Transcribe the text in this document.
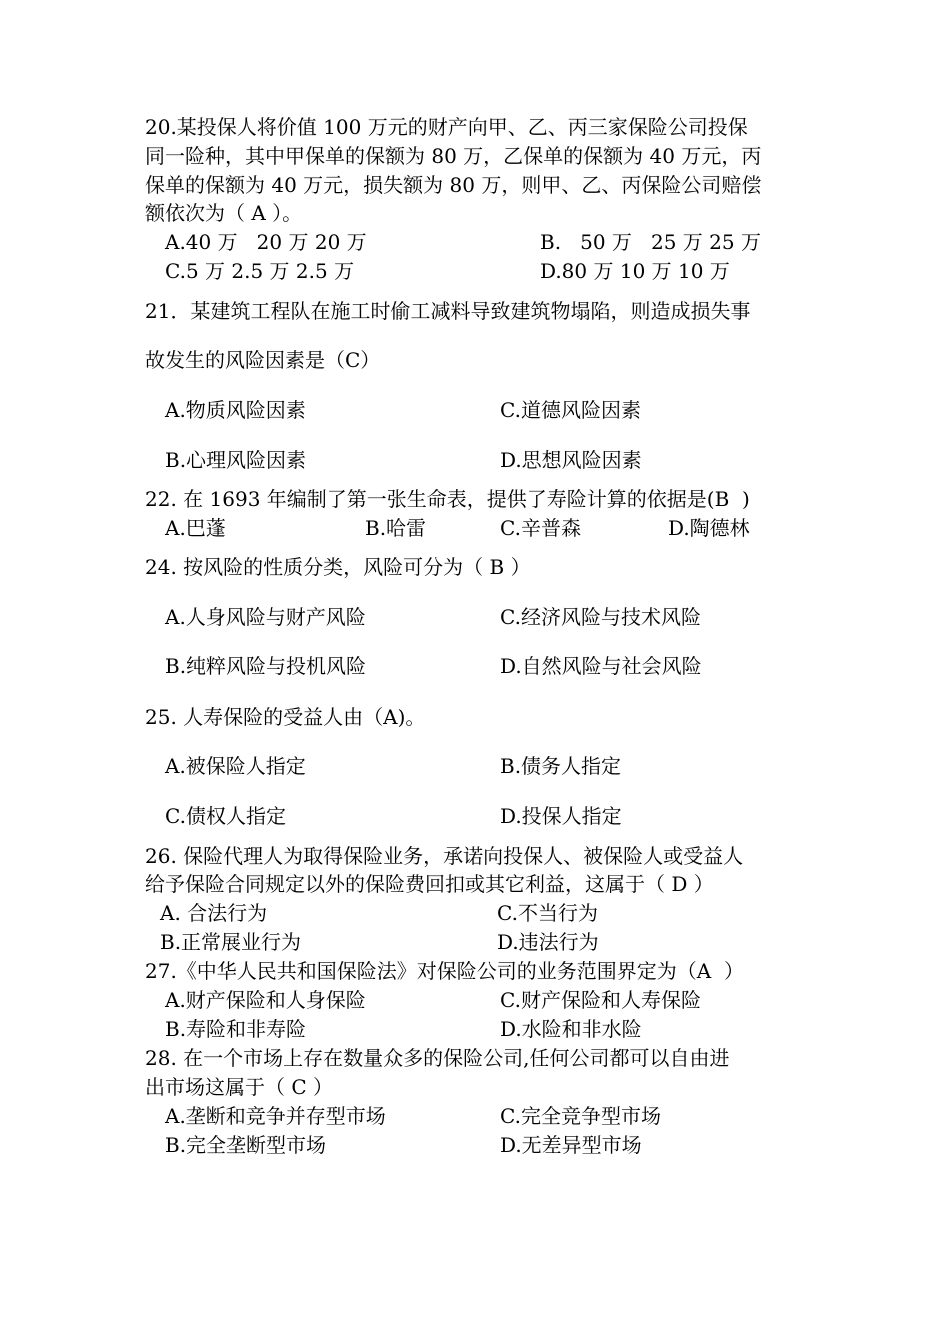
20.某投保人将价值 100 万元的财产向甲、乙、丙三家保险公司投保
同一险种，其中甲保单的保额为 80 万，乙保单的保额为 40 万元，丙
保单的保额为 40 万元，损失额为 80 万，则甲、乙、丙保险公司赔偿
额依次为（ A ）。
A.40 万   20 万 20 万	B.   50 万   25 万 25 万
C.5 万 2.5 万 2.5 万	D.80 万 10 万 10 万
21．某建筑工程队在施工时偷工减料导致建筑物塌陷，则造成损失事
故发生的风险因素是（C）
A.物质风险因素	C.道德风险因素
B.心理风险因素	D.思想风险因素
22. 在 1693 年编制了第一张生命表，提供了寿险计算的依据是(B  )
A.巴蓬	B.哈雷	C.辛普森	D.陶德林
24. 按风险的性质分类，风险可分为（ B ）
A.人身风险与财产风险	C.经济风险与技术风险
B.纯粹风险与投机风险	D.自然风险与社会风险
25. 人寿保险的受益人由（A)。
A.被保险人指定	B.债务人指定
C.债权人指定	D.投保人指定
26. 保险代理人为取得保险业务，承诺向投保人、被保险人或受益人
给予保险合同规定以外的保险费回扣或其它利益，这属于（ D ）
A. 合法行为	C.不当行为
B.正常展业行为	D.违法行为
27.《中华人民共和国保险法》对保险公司的业务范围界定为（A  ）
A.财产保险和人身保险	C.财产保险和人寿保险
B.寿险和非寿险	D.水险和非水险
28. 在一个市场上存在数量众多的保险公司,任何公司都可以自由进
出市场这属于（ C ）
A.垄断和竞争并存型市场	C.完全竞争型市场
B.完全垄断型市场	D.无差异型市场
